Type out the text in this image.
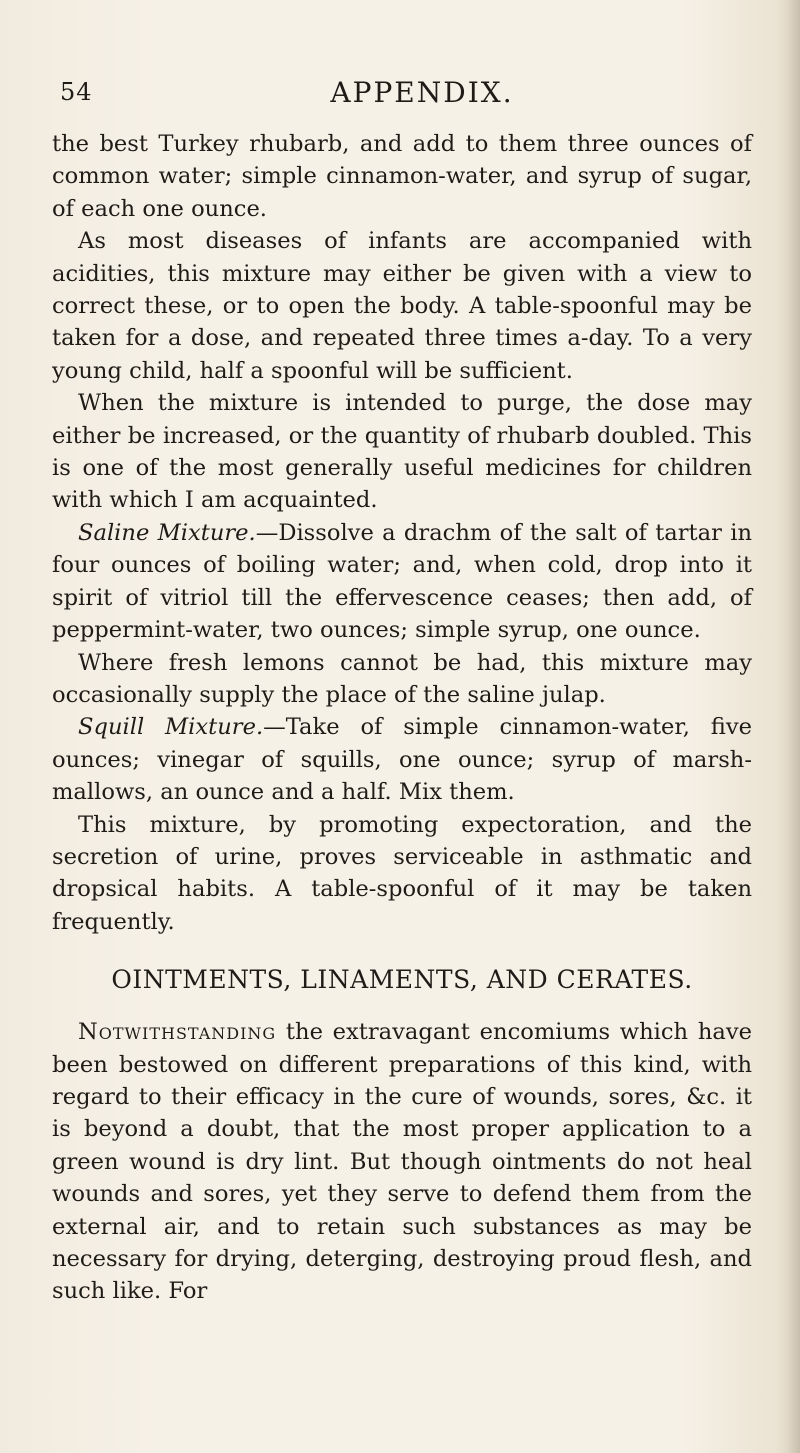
54	APPENDIX.

the best Turkey rhubarb, and add to them three ounces of common water; simple cinnamon-water, and syrup of sugar, of each one ounce.

As most diseases of infants are accompanied with acidities, this mixture may either be given with a view to correct these, or to open the body. A table-spoonful may be taken for a dose, and repeated three times a-day. To a very young child, half a spoonful will be sufficient.

When the mixture is intended to purge, the dose may either be increased, or the quantity of rhubarb doubled. This is one of the most generally useful medicines for children with which I am acquainted.

Saline Mixture.—Dissolve a drachm of the salt of tartar in four ounces of boiling water; and, when cold, drop into it spirit of vitriol till the effervescence ceases; then add, of peppermint-water, two ounces; simple syrup, one ounce.

Where fresh lemons cannot be had, this mixture may occasionally supply the place of the saline julap.

Squill Mixture.—Take of simple cinnamon-water, five ounces; vinegar of squills, one ounce; syrup of marsh-mallows, an ounce and a half. Mix them.

This mixture, by promoting expectoration, and the secretion of urine, proves serviceable in asthmatic and dropsical habits. A table-spoonful of it may be taken frequently.

OINTMENTS, LINAMENTS, AND CERATES.

Notwithstanding the extravagant encomiums which have been bestowed on different preparations of this kind, with regard to their efficacy in the cure of wounds, sores, &c. it is beyond a doubt, that the most proper application to a green wound is dry lint. But though ointments do not heal wounds and sores, yet they serve to defend them from the external air, and to retain such substances as may be necessary for drying, deterging, destroying proud flesh, and such like. For
